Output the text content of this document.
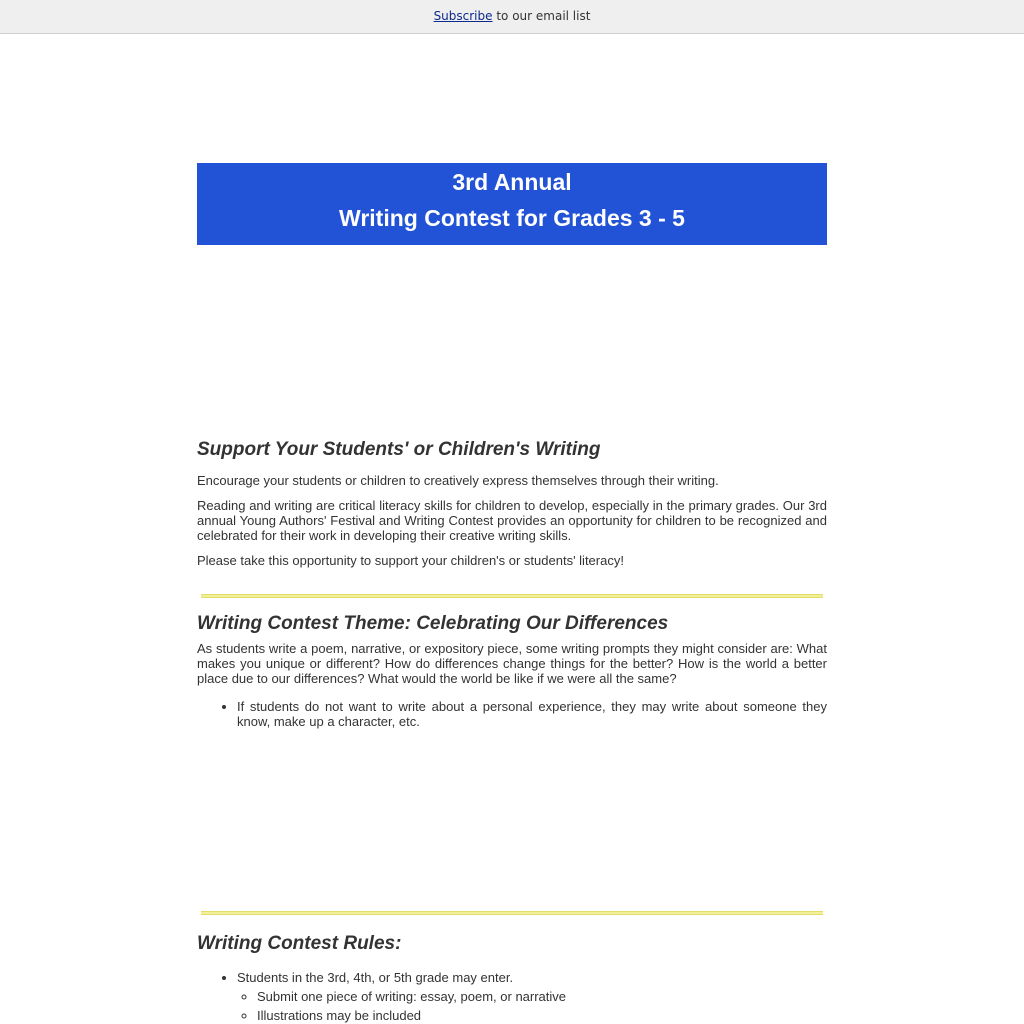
Subscribe to our email list
3rd Annual
Writing Contest for Grades 3 - 5
Support Your Students' or Children's Writing

Encourage your students or children to creatively express themselves through their writing.

Reading and writing are critical literacy skills for children to develop, especially in the primary grades. Our 3rd annual Young Authors' Festival and Writing Contest provides an opportunity for children to be recognized and celebrated for their work in developing their creative writing skills.

Please take this opportunity to support your children's or students' literacy!

Writing Contest Theme: Celebrating Our Differences

As students write a poem, narrative, or expository piece, some writing prompts they might consider are: What makes you unique or different? How do differences change things for the better? How is the world a better place due to our differences? What would the world be like if we were all the same?

• If students do not want to write about a personal experience, they may write about someone they know, make up a character, etc.
Writing Contest Rules:
• Students in the 3rd, 4th, or 5th grade may enter.
◦ Submit one piece of writing: essay, poem, or narrative
◦ Illustrations may be included
